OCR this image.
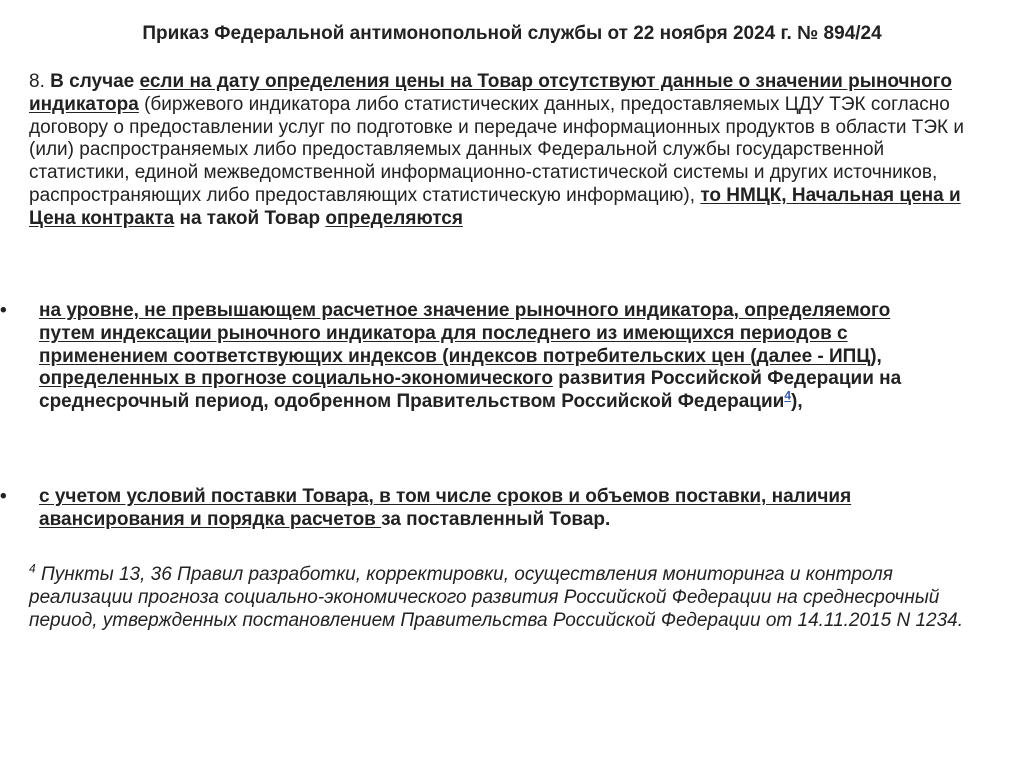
Приказ Федеральной антимонопольной службы от 22 ноября 2024 г. № 894/24
8. В случае если на дату определения цены на Товар отсутствуют данные о значении рыночного индикатора (биржевого индикатора либо статистических данных, предоставляемых ЦДУ ТЭК согласно договору о предоставлении услуг по подготовке и передаче информационных продуктов в области ТЭК и (или) распространяемых либо предоставляемых данных Федеральной службы государственной статистики, единой межведомственной информационно-статистической системы и других источников, распространяющих либо предоставляющих статистическую информацию), то НМЦК, Начальная цена и Цена контракта на такой Товар определяются
•	на уровне, не превышающем расчетное значение рыночного индикатора, определяемого путем индексации рыночного индикатора для последнего из имеющихся периодов с применением соответствующих индексов (индексов потребительских цен (далее - ИПЦ), определенных в прогнозе социально-экономического развития Российской Федерации на среднесрочный период, одобренном Правительством Российской Федерации$^4$),
•	с учетом условий поставки Товара, в том числе сроков и объемов поставки, наличия авансирования и порядка расчетов за поставленный Товар.
$^4$ Пункты 13, 36 Правил разработки, корректировки, осуществления мониторинга и контроля реализации прогноза социально-экономического развития Российской Федерации на среднесрочный период, утвержденных постановлением Правительства Российской Федерации от 14.11.2015 N 1234.
